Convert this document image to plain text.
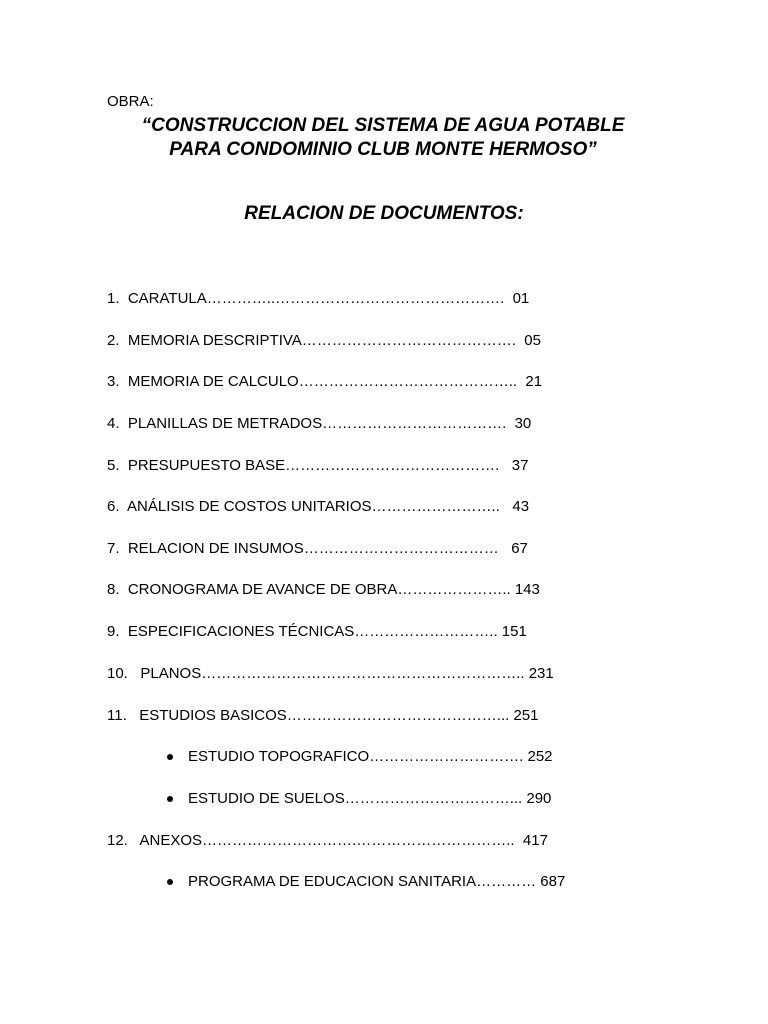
OBRA:
“CONSTRUCCION DEL SISTEMA DE AGUA POTABLE
PARA CONDOMINIO CLUB MONTE HERMOSO”
RELACION DE DOCUMENTOS:
1.  CARATULA…………..……………………………………….  01
2.  MEMORIA DESCRIPTIVA…………………………………….  05
3.  MEMORIA DE CALCULO……………………………………..  21
4.  PLANILLAS DE METRADOS……………………………….  30
5.  PRESUPUESTO BASE…………………………………….   37
6.  ANÁLISIS DE COSTOS UNITARIOS……………………..   43
7.  RELACION DE INSUMOS…………………………………   67
8.  CRONOGRAMA DE AVANCE DE OBRA………………….. 143
9.  ESPECIFICACIONES TÉCNICAS……………………….. 151
10.   PLANOS……………………………………………………….. 231
11.   ESTUDIOS BASICOS……………………………………... 251
ESTUDIO TOPOGRAFICO…………………………. 252
ESTUDIO DE SUELOS……………………………... 290
12.   ANEXOS………………………….…………………………..  417
PROGRAMA DE EDUCACION SANITARIA………… 687
